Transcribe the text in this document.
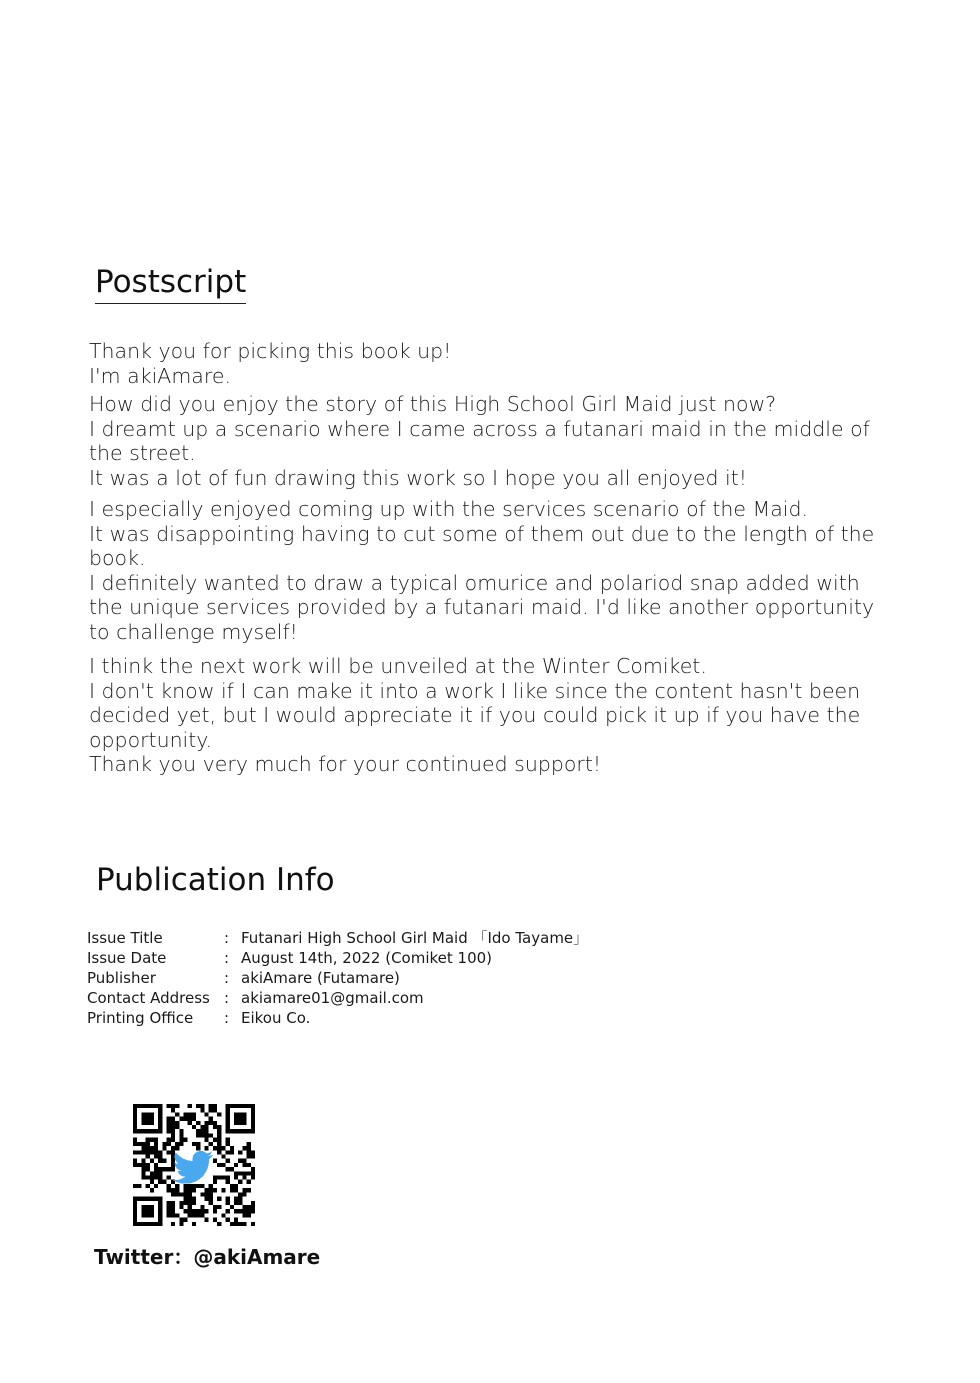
Postscript

Thank you for picking this book up!

I'm akiAmare.

How did you enjoy the story of this High School Girl Maid just now?

I dreamt up a scenario where I came across a futanari maid in the middle of

the street.

It was a lot of fun drawing this work so I hope you all enjoyed it!

I especially enjoyed coming up with the services scenario of the Maid.

It was disappointing having to cut some of them out due to the length of the

book.

I definitely wanted to draw a typical omurice and polariod snap added with

the unique services provided by a futanari maid. I'd like another opportunity

to challenge myself!

I think the next work will be unveiled at the Winter Comiket.

I don't know if I can make it into a work I like since the content hasn't been

decided yet, but I would appreciate it if you could pick it up if you have the

opportunity.

Thank you very much for your continued support!

Publication Info
Issue Title	: Futanari High School Girl Maid 「Ido Tayame」
Issue Date	: August 14th, 2022 (Comiket 100)
Publisher	: akiAmare (Futamare)
Contact Address : akiamare01@gmail.com
Printing Office	: Eikou Co.
Twitter：@akiAmare
